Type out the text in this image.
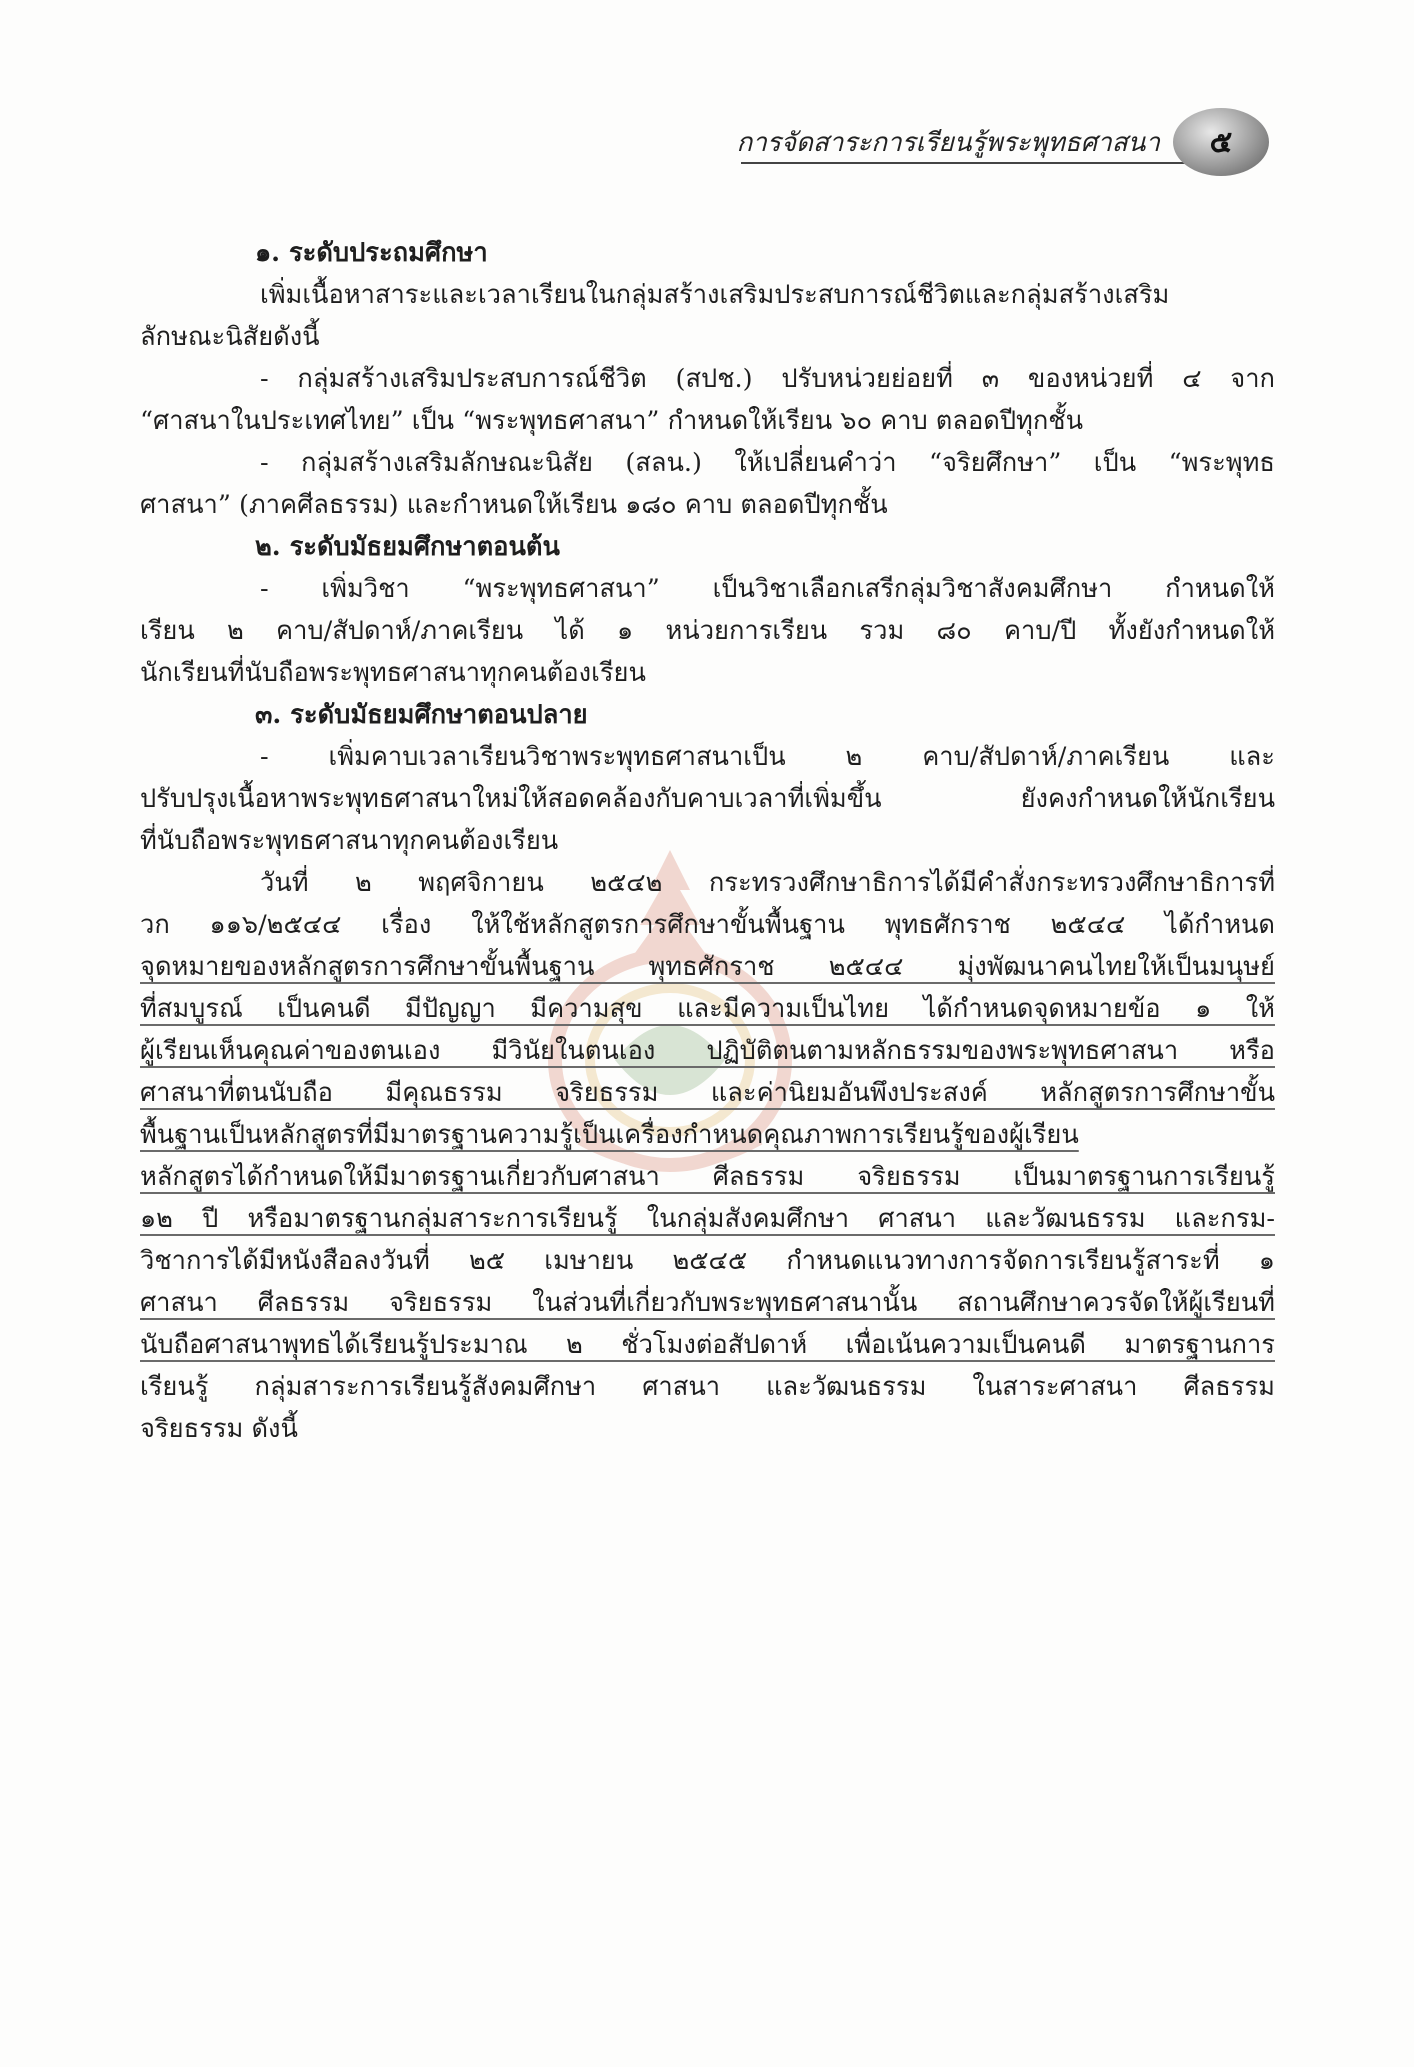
การจัดสาระการเรียนรู้พระพุทธศาสนา	๕
๑. ระดับประถมศึกษา
เพิ่มเนื้อหาสาระและเวลาเรียนในกลุ่มสร้างเสริมประสบการณ์ชีวิตและกลุ่มสร้างเสริม
ลักษณะนิสัยดังนี้
- กลุ่มสร้างเสริมประสบการณ์ชีวิต (สปช.) ปรับหน่วยย่อยที่ ๓ ของหน่วยที่ ๔ จาก
“ศาสนาในประเทศไทย” เป็น “พระพุทธศาสนา” กำหนดให้เรียน ๖๐ คาบ ตลอดปีทุกชั้น
- กลุ่มสร้างเสริมลักษณะนิสัย (สลน.) ให้เปลี่ยนคำว่า “จริยศึกษา” เป็น “พระพุทธ
ศาสนา” (ภาคศีลธรรม) และกำหนดให้เรียน ๑๘๐ คาบ ตลอดปีทุกชั้น
๒. ระดับมัธยมศึกษาตอนต้น
- เพิ่มวิชา “พระพุทธศาสนา” เป็นวิชาเลือกเสรีกลุ่มวิชาสังคมศึกษา กำหนดให้
เรียน ๒ คาบ/สัปดาห์/ภาคเรียน ได้ ๑ หน่วยการเรียน รวม ๘๐ คาบ/ปี ทั้งยังกำหนดให้
นักเรียนที่นับถือพระพุทธศาสนาทุกคนต้องเรียน
๓. ระดับมัธยมศึกษาตอนปลาย
- เพิ่มคาบเวลาเรียนวิชาพระพุทธศาสนาเป็น ๒ คาบ/สัปดาห์/ภาคเรียน และ
ปรับปรุงเนื้อหาพระพุทธศาสนาใหม่ให้สอดคล้องกับคาบเวลาที่เพิ่มขึ้น ยังคงกำหนดให้นักเรียน
ที่นับถือพระพุทธศาสนาทุกคนต้องเรียน
วันที่ ๒ พฤศจิกายน ๒๕๔๒ กระทรวงศึกษาธิการได้มีคำสั่งกระทรวงศึกษาธิการที่
วก ๑๑๖/๒๕๔๔ เรื่อง ให้ใช้หลักสูตรการศึกษาขั้นพื้นฐาน พุทธศักราช ๒๕๔๔ ได้กำหนด
จุดหมายของหลักสูตรการศึกษาขั้นพื้นฐาน พุทธศักราช ๒๕๔๔ มุ่งพัฒนาคนไทยให้เป็นมนุษย์
ที่สมบูรณ์ เป็นคนดี มีปัญญา มีความสุข และมีความเป็นไทย ได้กำหนดจุดหมายข้อ ๑ ให้
ผู้เรียนเห็นคุณค่าของตนเอง มีวินัยในตนเอง ปฏิบัติตนตามหลักธรรมของพระพุทธศาสนา หรือ
ศาสนาที่ตนนับถือ มีคุณธรรม จริยธรรม และค่านิยมอันพึงประสงค์ หลักสูตรการศึกษาขั้น
พื้นฐานเป็นหลักสูตรที่มีมาตรฐานความรู้เป็นเครื่องกำหนดคุณภาพการเรียนรู้ของผู้เรียน
หลักสูตรได้กำหนดให้มีมาตรฐานเกี่ยวกับศาสนา ศีลธรรม จริยธรรม เป็นมาตรฐานการเรียนรู้
๑๒ ปี หรือมาตรฐานกลุ่มสาระการเรียนรู้ ในกลุ่มสังคมศึกษา ศาสนา และวัฒนธรรม และกรม-
วิชาการได้มีหนังสือลงวันที่ ๒๕ เมษายน ๒๕๔๕ กำหนดแนวทางการจัดการเรียนรู้สาระที่ ๑
ศาสนา ศีลธรรม จริยธรรม ในส่วนที่เกี่ยวกับพระพุทธศาสนานั้น สถานศึกษาควรจัดให้ผู้เรียนที่
นับถือศาสนาพุทธได้เรียนรู้ประมาณ ๒ ชั่วโมงต่อสัปดาห์ เพื่อเน้นความเป็นคนดี มาตรฐานการ
เรียนรู้ กลุ่มสาระการเรียนรู้สังคมศึกษา ศาสนา และวัฒนธรรม ในสาระศาสนา ศีลธรรม
จริยธรรม ดังนี้
